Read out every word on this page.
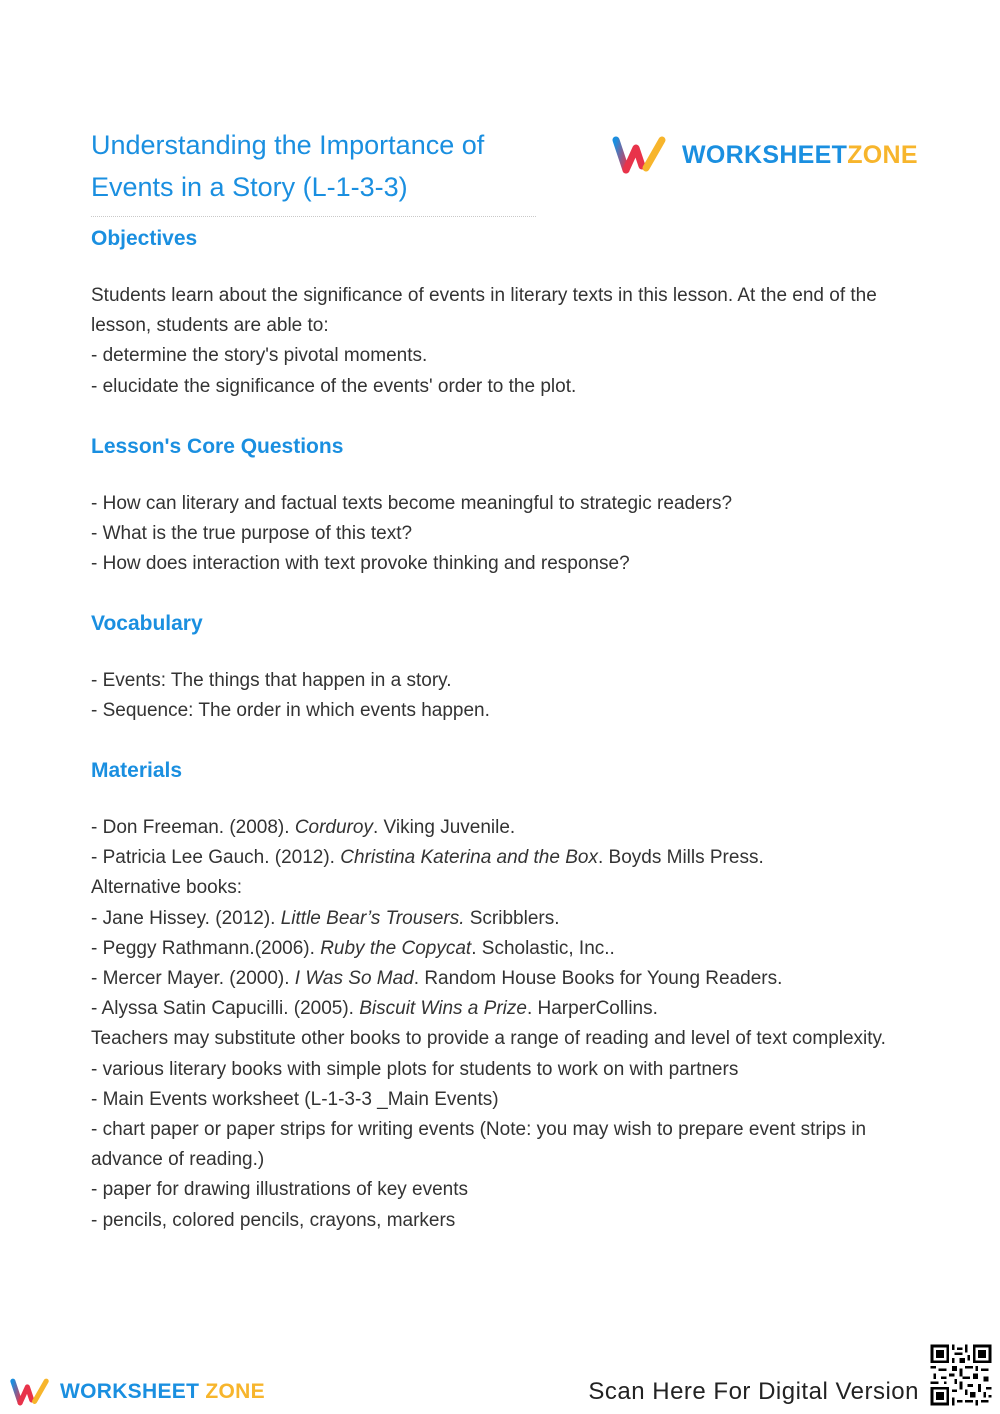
Understanding the Importance of
Events in a Story (L-1-3-3)
WORKSHEETZONE
Objectives

Students learn about the significance of events in literary texts in this lesson. At the end of the lesson, students are able to:

- determine the story's pivotal moments.

- elucidate the significance of the events' order to the plot.

Lesson's Core Questions

- How can literary and factual texts become meaningful to strategic readers?

- What is the true purpose of this text?

- How does interaction with text provoke thinking and response?

Vocabulary

- Events: The things that happen in a story.

- Sequence: The order in which events happen.

Materials

- Don Freeman. (2008). Corduroy. Viking Juvenile.

- Patricia Lee Gauch. (2012). Christina Katerina and the Box. Boyds Mills Press.

Alternative books:

- Jane Hissey. (2012). Little Bear’s Trousers. Scribblers.

- Peggy Rathmann.(2006). Ruby the Copycat. Scholastic, Inc..

- Mercer Mayer. (2000). I Was So Mad. Random House Books for Young Readers.

- Alyssa Satin Capucilli. (2005). Biscuit Wins a Prize. HarperCollins.

Teachers may substitute other books to provide a range of reading and level of text complexity.

- various literary books with simple plots for students to work on with partners

- Main Events worksheet (L-1-3-3 _Main Events)

- chart paper or paper strips for writing events (Note: you may wish to prepare event strips in advance of reading.)

- paper for drawing illustrations of key events

- pencils, colored pencils, crayons, markers

WORKSHEET ZONE	Scan Here For Digital Version
